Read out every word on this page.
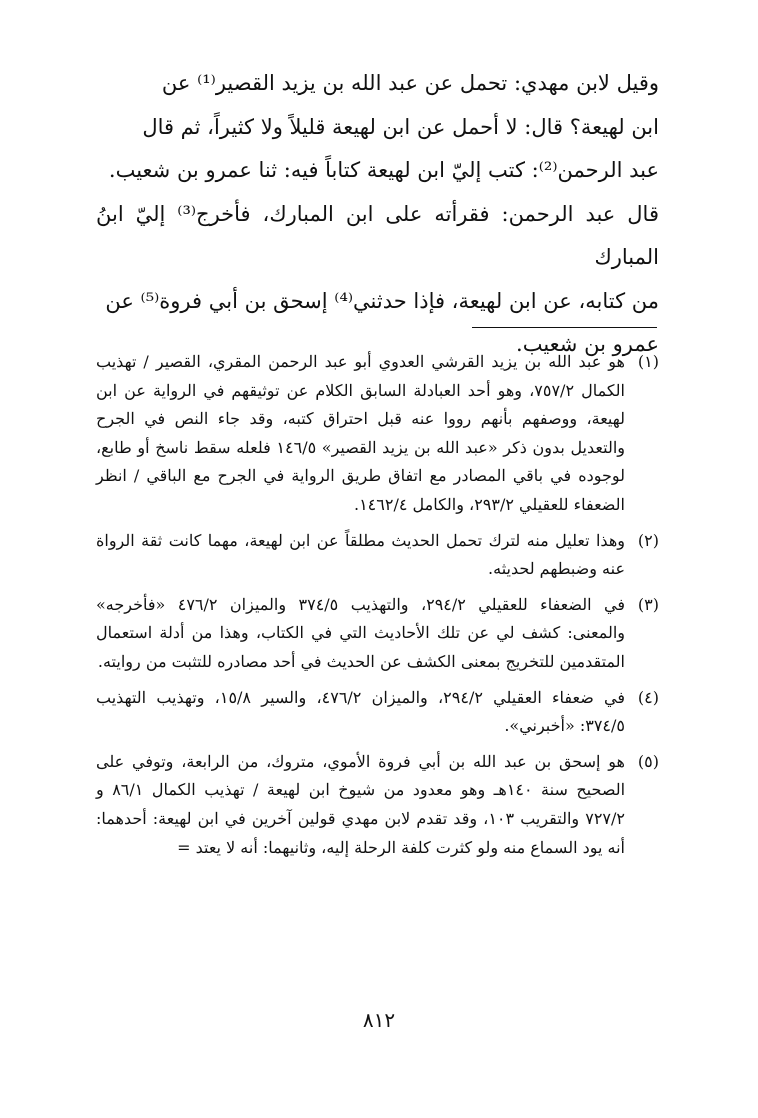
وقيل لابن مهدي: تحمل عن عبد الله بن يزيد القصير⁽¹⁾ عن

ابن لهيعة؟ قال: لا أحمل عن ابن لهيعة قليلاً ولا كثيراً، ثم قال

عبد الرحمن⁽²⁾: كتب إليّ ابن لهيعة كتاباً فيه: ثنا عمرو بن شعيب.

قال عبد الرحمن: فقرأته على ابن المبارك، فأخرج⁽³⁾ إليّ ابنُ المبارك

من كتابه، عن ابن لهيعة، فإذا حدثني⁽⁴⁾ إسحق بن أبي فروة⁽⁵⁾ عن

عمرو بن شعيب.

(١)
هو عبد الله بن يزيد القرشي العدوي أبو عبد الرحمن المقري، القصير / تهذيب الكمال ٧٥٧/٢، وهو أحد العبادلة السابق الكلام عن توثيقهم في الرواية عن ابن لهيعة، ووصفهم بأنهم رووا عنه قبل احتراق كتبه، وقد جاء النص في الجرح والتعديل بدون ذكر «عبد الله بن يزيد القصير» ١٤٦/٥ فلعله سقط ناسخ أو طابع، لوجوده في باقي المصادر مع اتفاق طريق الرواية في الجرح مع الباقي / انظر الضعفاء للعقيلي ٢٩٣/٢، والكامل ١٤٦٢/٤.
(٢)
وهذا تعليل منه لترك تحمل الحديث مطلقاً عن ابن لهيعة، مهما كانت ثقة الرواة عنه وضبطهم لحديثه.
(٣)
في الضعفاء للعقيلي ٢٩٤/٢، والتهذيب ٣٧٤/٥ والميزان ٤٧٦/٢ «فأخرجه» والمعنى: كشف لي عن تلك الأحاديث التي في الكتاب، وهذا من أدلة استعمال المتقدمين للتخريج بمعنى الكشف عن الحديث في أحد مصادره للتثبت من روايته.
(٤)
في ضعفاء العقيلي ٢٩٤/٢، والميزان ٤٧٦/٢، والسير ١٥/٨، وتهذيب التهذيب ٣٧٤/٥: «أخبرني».
(٥)
هو إسحق بن عبد الله بن أبي فروة الأموي، متروك، من الرابعة، وتوفي على الصحيح سنة ١٤٠هـ وهو معدود من شيوخ ابن لهيعة / تهذيب الكمال ٨٦/١ و ٧٢٧/٢ والتقريب ١٠٣، وقد تقدم لابن مهدي قولين آخرين في ابن لهيعة: أحدهما: أنه يود السماع منه ولو كثرت كلفة الرحلة إليه، وثانيهما: أنه لا يعتد =
٨١٢
